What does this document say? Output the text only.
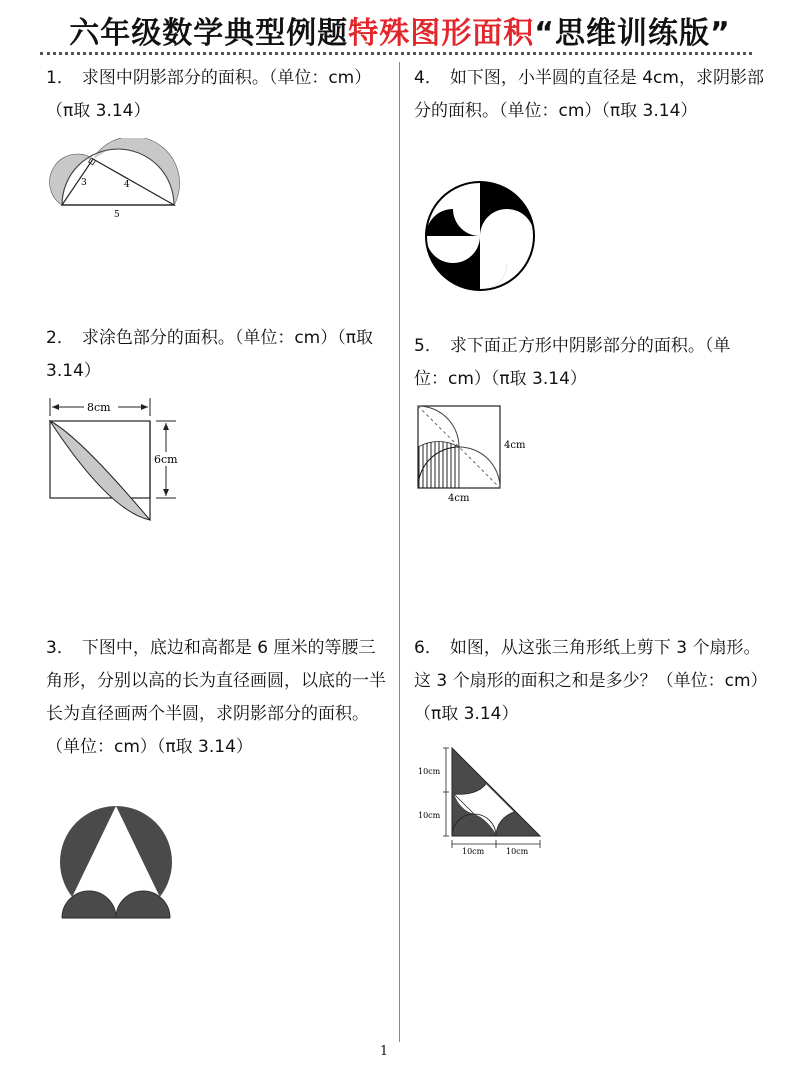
六年级数学典型例题特殊图形面积“思维训练版”
1． 求图中阴影部分的面积。（单位：cm）（π取 3.14）
3	4
5
2． 求涂色部分的面积。（单位：cm）（π取 3.14）
8cm
6cm
3． 下图中，底边和高都是 6 厘米的等腰三角形，分别以高的长为直径画圆，以底的一半长为直径画两个半圆，求阴影部分的面积。（单位：cm）（π取 3.14）
4． 如下图，小半圆的直径是 4cm，求阴影部分的面积。（单位：cm）（π取 3.14）
5． 求下面正方形中阴影部分的面积。（单位：cm）（π取 3.14）
4cm
4cm
6． 如图，从这张三角形纸上剪下 3 个扇形。这 3 个扇形的面积之和是多少？（单位：cm）（π取 3.14）
10cm
10cm
10cm	10cm
1
